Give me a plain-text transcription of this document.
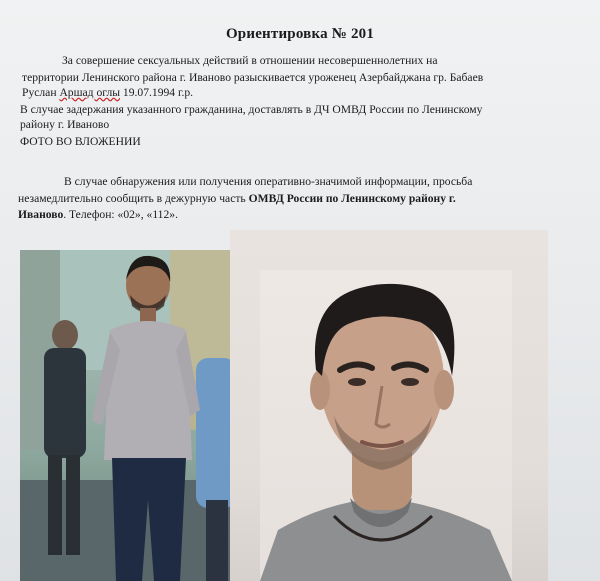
Ориентировка № 201
За совершение сексуальных действий в отношении несовершеннолетних на
территории Ленинского района г. Иваново разыскивается уроженец Азербайджана гр. Бабаев
Руслан Аршад оглы 19.07.1994 г.р.
В случае задержания указанного гражданина, доставлять в ДЧ ОМВД России по Ленинскому
району г. Иваново
ФОТО ВО ВЛОЖЕНИИ
В случае обнаружения или получения оперативно-значимой информации, просьба
незамедлительно сообщить в дежурную часть ОМВД России по Ленинскому району г.
Иваново. Телефон: «02», «112».
